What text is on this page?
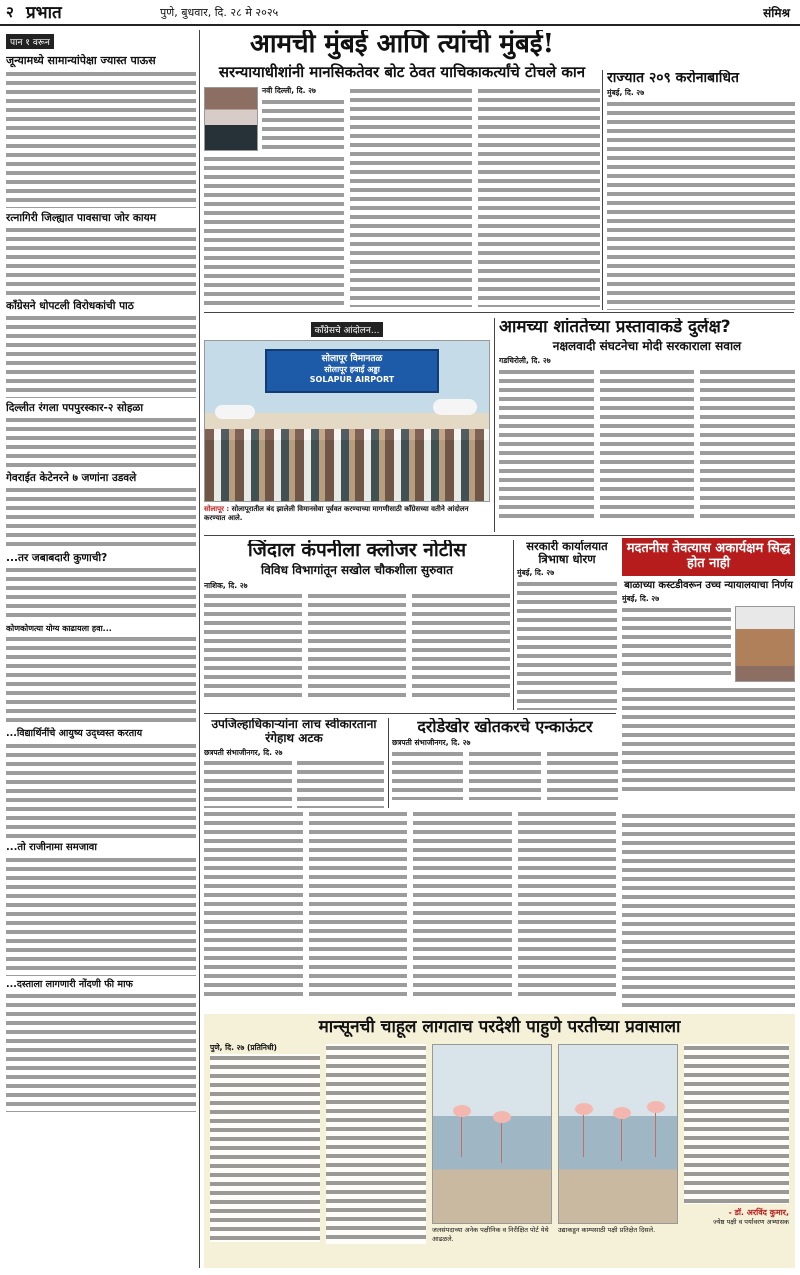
२ प्रभात	पुणे, बुधवार, दि. २८ मे २०२५	संमिश्र
पान १ वरून
जून्यामध्ये सामान्यांपेक्षा ज्यास्त पाऊस
रत्नागिरी जिल्ह्यात पावसाचा जोर कायम
काँग्रेसने धोपटली विरोधकांची पाठ
दिल्लीत रंगला पपपुरस्कार-२ सोहळा
गेवराईत केटेनरने ७ जणांना उडवले
...तर जबाबदारी कुणाची?
कोणकोणत्या योग्य काढायला हवा...
...विद्यार्थिनींचे आयुष्य उद्ध्वस्त करताय
...तो राजीनामा समजावा
...दस्ताला लागणारी नोंदणी फी माफ
आमची मुंबई आणि त्यांची मुंबई!
सरन्यायाधीशांनी मानसिकतेवर बोट ठेवत याचिकाकर्त्यांचे टोचले कान
नवी दिल्ली, दि. २७
राज्यात २०९ करोनाबाधित
मुंबई, दि. २७
काँग्रेसचे आंदोलन...
सोलापूर विमानतळ
सोलापूर हवाई अड्डा
SOLAPUR AIRPORT
सोलापूर : सोलापूरातील बंद झालेली विमानसेवा पूर्ववत करण्याच्या मागणीसाठी काँग्रेसच्या वतीने आंदोलन करण्यात आले.
आमच्या शांततेच्या प्रस्तावाकडे दुर्लक्ष?
नक्षलवादी संघटनेचा मोदी सरकाराला सवाल
गडचिरोली, दि. २७
जिंदाल कंपनीला क्लोजर नोटीस
विविध विभागांतून सखोल चौकशीला सुरुवात
नाशिक, दि. २७
सरकारी कार्यालयात त्रिभाषा धोरण
मुंबई, दि. २७
मदतनीस तेवत्यास अकार्यक्षम सिद्ध होत नाही
बाळाच्या कस्टडीवरून उच्च न्यायालयाचा निर्णय
मुंबई, दि. २७
उपजिल्हाधिकाऱ्यांना लाच स्वीकारताना रंगेहाथ अटक
छत्रपती संभाजीनगर, दि. २७
दरोडेखोर खोतकरचे एन्काऊंटर
छत्रपती संभाजीनगर, दि. २७
मान्सूनची चाहूल लागताच परदेशी पाहुणे परतीच्या प्रवासाला
पुणे, दि. २७ (प्रतिनिधी)
जलसंपदाच्या अनेक पक्षीनिक व निरीक्षित पोर्ट येथे आढळले.
उद्याकडून काम्पसाठी पक्षी प्रतिक्षेत दिसले.
- डॉ. अरविंद कुमार,
ज्येष्ठ पक्षी व पर्यावरण अभ्यासक
